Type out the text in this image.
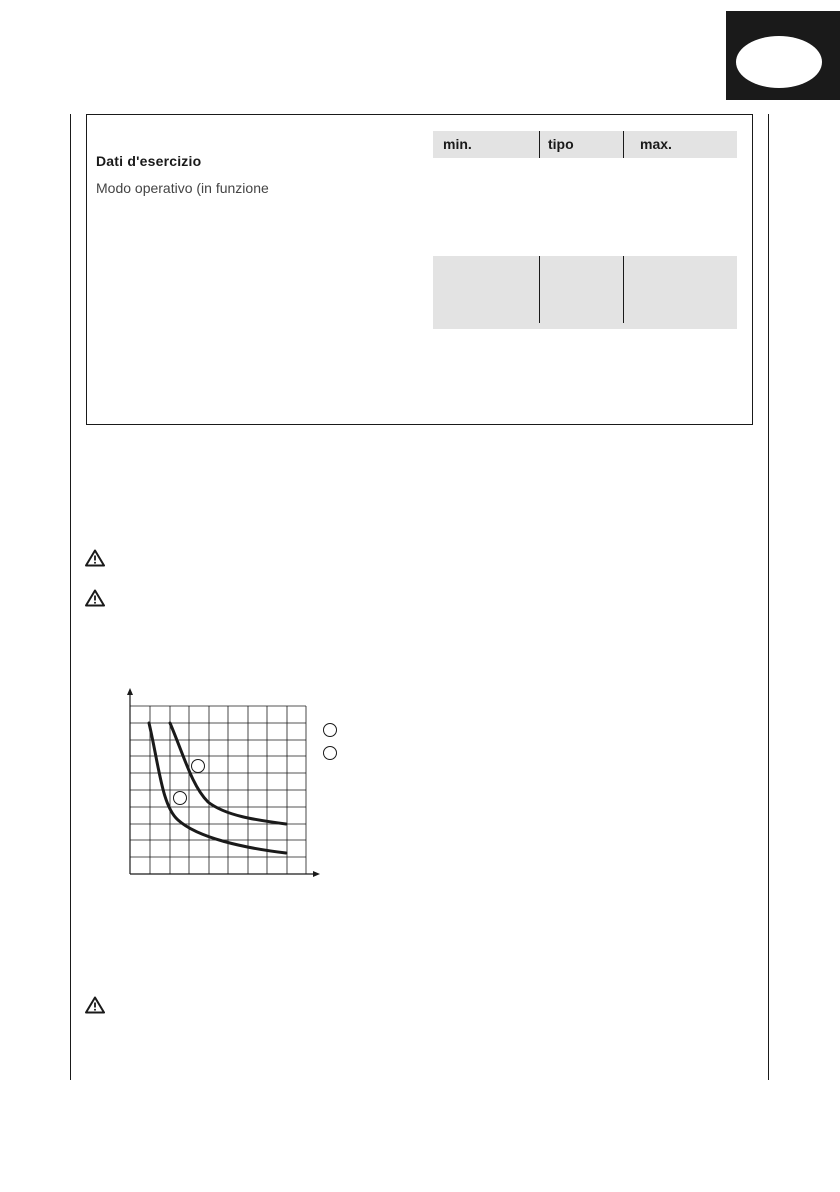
Dati d'esercizio
Modo operativo (in funzione
min.	tipo	max.
